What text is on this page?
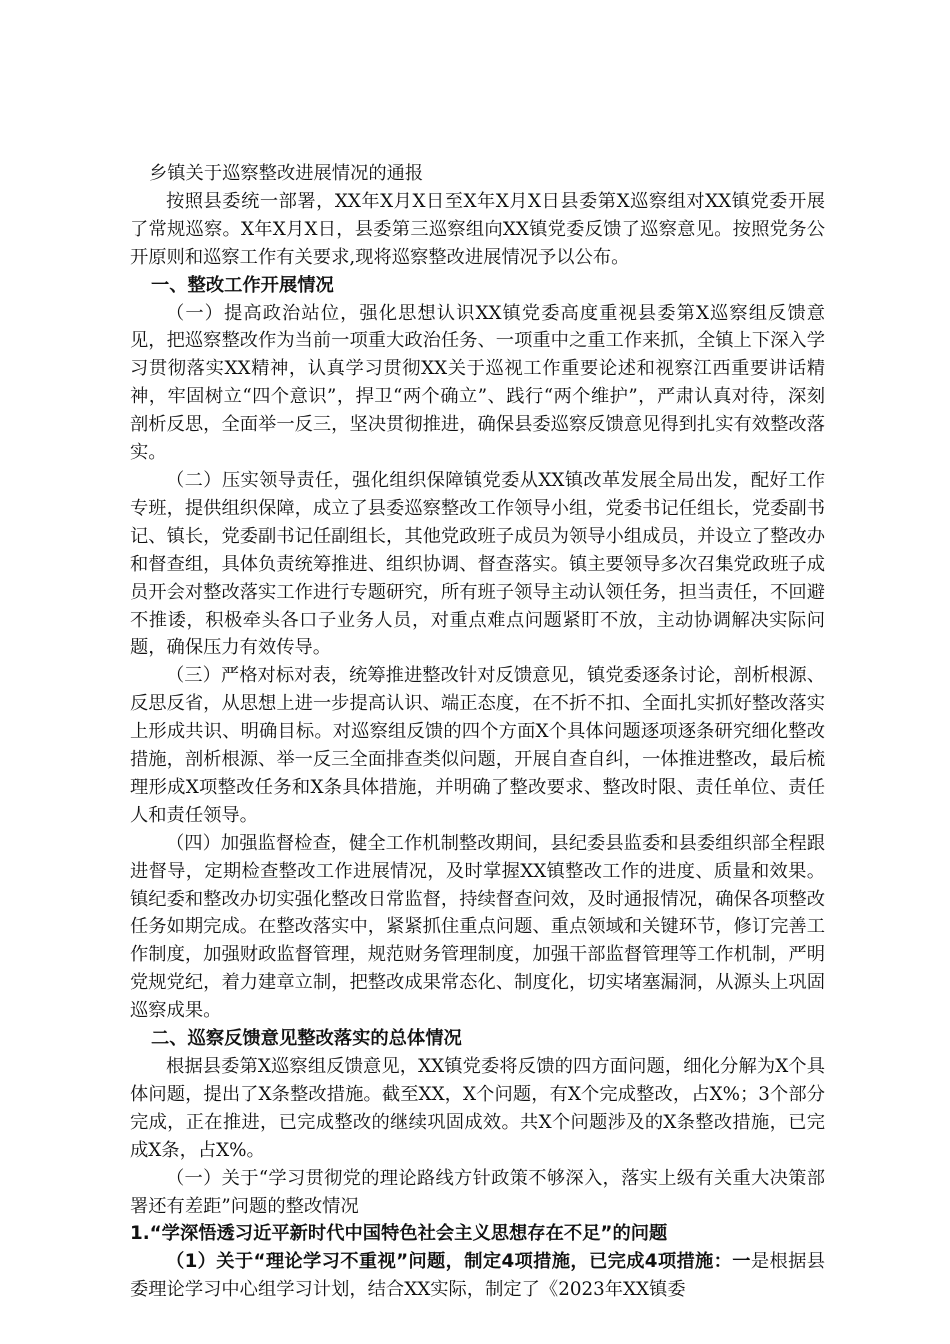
乡镇关于巡察整改进展情况的通报

按照县委统一部署，XX年X月X日至X年X月X日县委第X巡察组对XX镇党委开展了常规巡察。X年X月X日，县委第三巡察组向XX镇党委反馈了巡察意见。按照党务公开原则和巡察工作有关要求,现将巡察整改进展情况予以公布。

一、整改工作开展情况

（一）提高政治站位，强化思想认识XX镇党委高度重视县委第X巡察组反馈意见，把巡察整改作为当前一项重大政治任务、一项重中之重工作来抓，全镇上下深入学习贯彻落实XX精神，认真学习贯彻XX关于巡视工作重要论述和视察江西重要讲话精神，牢固树立“四个意识”，捍卫“两个确立”、践行“两个维护”，严肃认真对待，深刻剖析反思，全面举一反三，坚决贯彻推进，确保县委巡察反馈意见得到扎实有效整改落实。

（二）压实领导责任，强化组织保障镇党委从XX镇改革发展全局出发，配好工作专班，提供组织保障，成立了县委巡察整改工作领导小组，党委书记任组长，党委副书记、镇长，党委副书记任副组长，其他党政班子成员为领导小组成员，并设立了整改办和督查组，具体负责统筹推进、组织协调、督查落实。镇主要领导多次召集党政班子成员开会对整改落实工作进行专题研究，所有班子领导主动认领任务，担当责任，不回避不推诿，积极牵头各口子业务人员，对重点难点问题紧盯不放，主动协调解决实际问题，确保压力有效传导。

（三）严格对标对表，统筹推进整改针对反馈意见，镇党委逐条讨论，剖析根源、反思反省，从思想上进一步提高认识、端正态度，在不折不扣、全面扎实抓好整改落实上形成共识、明确目标。对巡察组反馈的四个方面X个具体问题逐项逐条研究细化整改措施，剖析根源、举一反三全面排查类似问题，开展自查自纠，一体推进整改，最后梳理形成X项整改任务和X条具体措施，并明确了整改要求、整改时限、责任单位、责任人和责任领导。

（四）加强监督检查，健全工作机制整改期间，县纪委县监委和县委组织部全程跟进督导，定期检查整改工作进展情况，及时掌握XX镇整改工作的进度、质量和效果。镇纪委和整改办切实强化整改日常监督，持续督查问效，及时通报情况，确保各项整改任务如期完成。在整改落实中，紧紧抓住重点问题、重点领域和关键环节，修订完善工作制度，加强财政监督管理，规范财务管理制度，加强干部监督管理等工作机制，严明党规党纪，着力建章立制，把整改成果常态化、制度化，切实堵塞漏洞，从源头上巩固巡察成果。

二、巡察反馈意见整改落实的总体情况

根据县委第X巡察组反馈意见，XX镇党委将反馈的四方面问题，细化分解为X个具体问题，提出了X条整改措施。截至XX，X个问题，有X个完成整改，占X%；3个部分完成，正在推进，已完成整改的继续巩固成效。共X个问题涉及的X条整改措施，已完成X条，占X%。

（一）关于“学习贯彻党的理论路线方针政策不够深入，落实上级有关重大决策部署还有差距”问题的整改情况

1.“学深悟透习近平新时代中国特色社会主义思想存在不足”的问题

（1）关于“理论学习不重视”问题，制定4项措施，已完成4项措施：一是根据县委理论学习中心组学习计划，结合XX实际，制定了《2023年XX镇委
